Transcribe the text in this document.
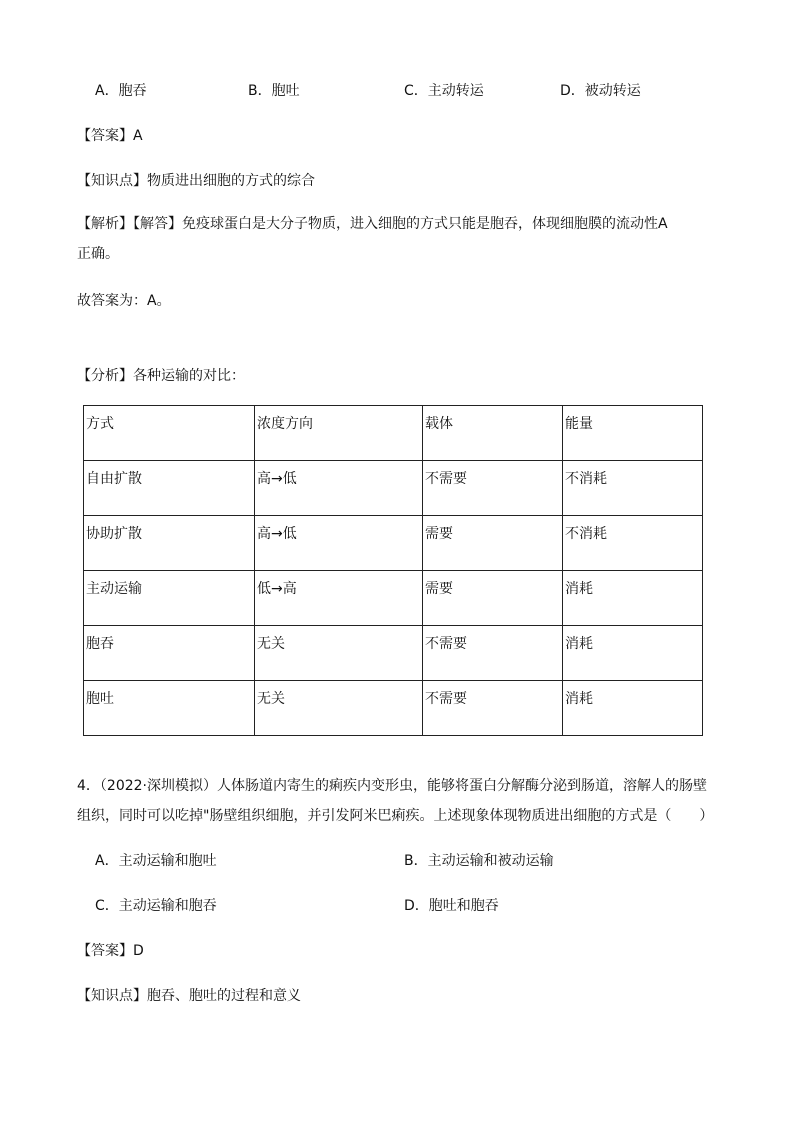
A．胞吞	B．胞吐	C．主动转运	D．被动转运
【答案】A
【知识点】物质进出细胞的方式的综合
【解析】【解答】免疫球蛋白是大分子物质，进入细胞的方式只能是胞吞，体现细胞膜的流动性A
正确。
故答案为：A。
【分析】各种运输的对比：
方式	浓度方向	载体	能量
自由扩散	高→低	不需要	不消耗
协助扩散	高→低	需要	不消耗
主动运输	低→高	需要	消耗
胞吞	无关	不需要	消耗
胞吐	无关	不需要	消耗
4．（2022·深圳模拟）人体肠道内寄生的痢疾内变形虫，能够将蛋白分解酶分泌到肠道，溶解人的肠壁
组织，同时可以吃掉"肠壁组织细胞，并引发阿米巴痢疾。上述现象体现物质进出细胞的方式是（　　）
A．主动运输和胞吐	B．主动运输和被动运输
C．主动运输和胞吞	D．胞吐和胞吞
【答案】D
【知识点】胞吞、胞吐的过程和意义
